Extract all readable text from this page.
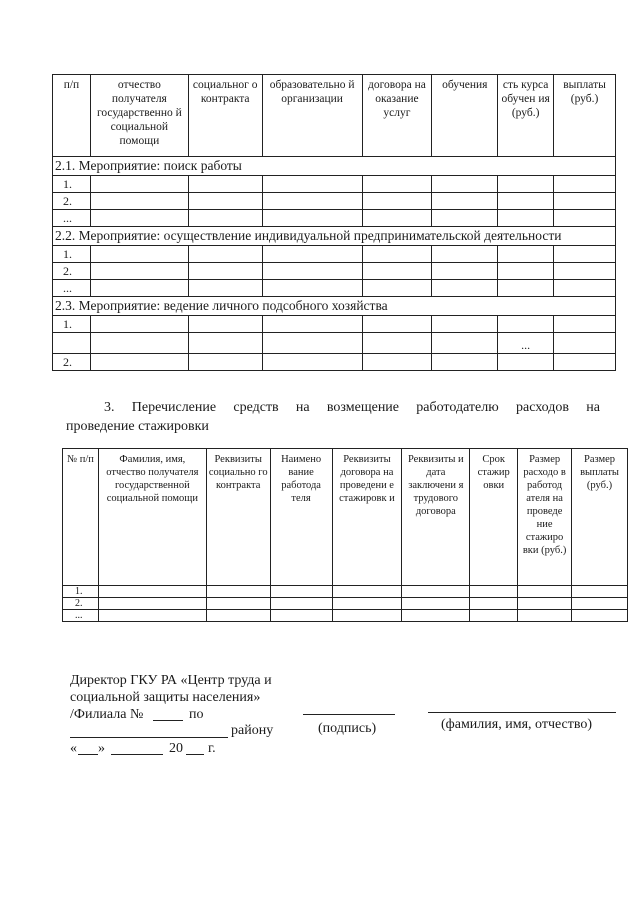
п/п	отчество получателя государственно й социальной помощи	социальног о контракта	образовательно й организации	договора на оказание услуг	обучения	сть курса обучен ия (руб.)	выплаты (руб.)
2.1. Мероприятие: поиск работы							
1.							
2.							
...							
2.2. Мероприятие: осуществление индивидуальной предпринимательской деятельности							
1.							
2.							
...							
2.3. Мероприятие: ведение личного подсобного хозяйства							
1.							
						...	
2.							
3. Перечисление средств на возмещение работодателю расходов на
проведение стажировки
№ п/п	Фамилия, имя, отчество получателя государственной социальной помощи	Реквизиты социально го контракта	Наимено вание работода теля	Реквизиты договора на проведени е стажировк и	Реквизиты и дата заключени я трудового договора	Срок стажир овки	Размер расходо в работод ателя на проведе ние стажиро вки (руб.)	Размер выплаты (руб.)
1.								
2.								
...								
Директор ГКУ РА «Центр труда и
социальной защиты населения»
/Филиала №	по
району
« »	20 г.
(подпись)	(фамилия, имя, отчество)
